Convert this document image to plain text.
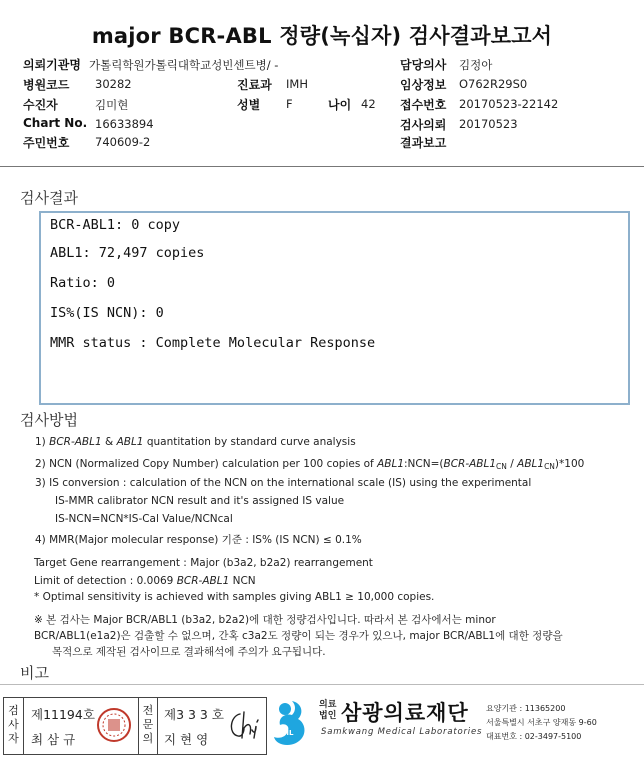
major BCR-ABL 정량(녹십자) 검사결과보고서
의뢰기관명 가톨릭학원가톨릭대학교성빈센트병/ -	담당의사 김정아
병원코드 30282	진료과 IMH	임상정보 O762R29S0
수진자	김미현	성별 F	나이 42 접수번호 20170523-22142
Chart No. 16633894	검사의뢰 20170523
주민번호 740609-2	결과보고
검사결과
BCR-ABL1: 0 copy
ABL1: 72,497 copies
Ratio: 0
IS%(IS NCN): 0
MMR status : Complete Molecular Response
검사방법
1) BCR-ABL1 & ABL1 quantitation by standard curve analysis
2) NCN (Normalized Copy Number) calculation per 100 copies of $ABL1:NCN=(BCR-ABL1_{CN} / ABL1_{CN})*100$
3) IS conversion : calculation of the NCN on the international scale (IS) using the experimental
IS-MMR calibrator NCN result and it's assigned IS value
IS-NCN=NCN*IS-Cal Value/NCNcal
4) MMR(Major molecular response) 기준 : IS% (IS NCN) ≤ 0.1%
Target Gene rearrangement : Major (b3a2, b2a2) rearrangement
Limit of detection : 0.0069 BCR-ABL1 NCN
* Optimal sensitivity is achieved with samples giving ABL1 ≥ 10,000 copies.
※ 본 검사는 Major BCR/ABL1 (b3a2, b2a2)에 대한 정량검사입니다. 따라서 본 검사에서는 minor
BCR/ABL1(e1a2)은 검출할 수 없으며, 간혹 c3a2도 정량이 되는 경우가 있으나, major BCR/ABL1에 대한 정량을
목적으로 제작된 검사이므로 결과해석에 주의가 요구됩니다.
비고
검사자
제11194호
최 삼 규
전문의
제3 3 3 호
지 현 영	SML
의료법인 삼광의료재단
Samkwang Medical Laboratories
요양기관 : 11365200
서울특별시 서초구 양재동 9-60
대표번호 : 02-3497-5100
